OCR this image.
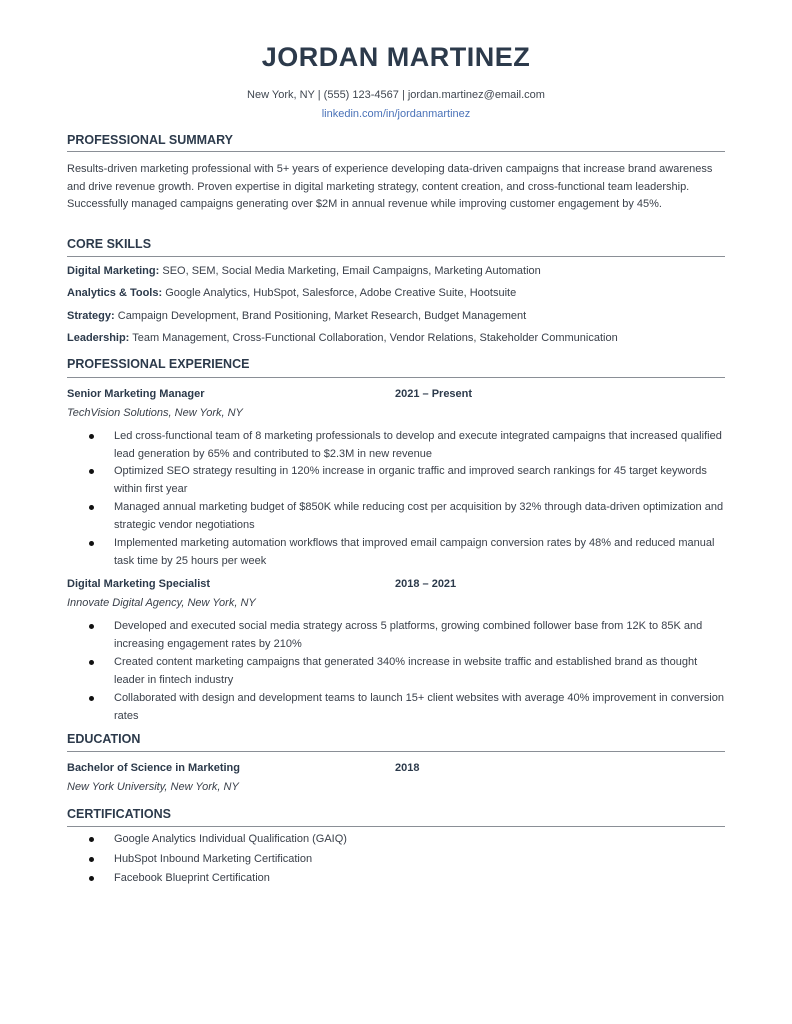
JORDAN MARTINEZ
New York, NY | (555) 123-4567 | jordan.martinez@email.com
linkedin.com/in/jordanmartinez
PROFESSIONAL SUMMARY
Results-driven marketing professional with 5+ years of experience developing data-driven campaigns that increase brand awareness and drive revenue growth. Proven expertise in digital marketing strategy, content creation, and cross-functional team leadership. Successfully managed campaigns generating over $2M in annual revenue while improving customer engagement by 45%.
CORE SKILLS
Digital Marketing: SEO, SEM, Social Media Marketing, Email Campaigns, Marketing Automation
Analytics & Tools: Google Analytics, HubSpot, Salesforce, Adobe Creative Suite, Hootsuite
Strategy: Campaign Development, Brand Positioning, Market Research, Budget Management
Leadership: Team Management, Cross-Functional Collaboration, Vendor Relations, Stakeholder Communication
PROFESSIONAL EXPERIENCE
Senior Marketing Manager	2021 – Present
TechVision Solutions, New York, NY
Led cross-functional team of 8 marketing professionals to develop and execute integrated campaigns that increased qualified lead generation by 65% and contributed to $2.3M in new revenue
Optimized SEO strategy resulting in 120% increase in organic traffic and improved search rankings for 45 target keywords within first year
Managed annual marketing budget of $850K while reducing cost per acquisition by 32% through data-driven optimization and strategic vendor negotiations
Implemented marketing automation workflows that improved email campaign conversion rates by 48% and reduced manual task time by 25 hours per week
Digital Marketing Specialist	2018 – 2021
Innovate Digital Agency, New York, NY
Developed and executed social media strategy across 5 platforms, growing combined follower base from 12K to 85K and increasing engagement rates by 210%
Created content marketing campaigns that generated 340% increase in website traffic and established brand as thought leader in fintech industry
Collaborated with design and development teams to launch 15+ client websites with average 40% improvement in conversion rates
EDUCATION
Bachelor of Science in Marketing	2018
New York University, New York, NY
CERTIFICATIONS
Google Analytics Individual Qualification (GAIQ)
HubSpot Inbound Marketing Certification
Facebook Blueprint Certification
